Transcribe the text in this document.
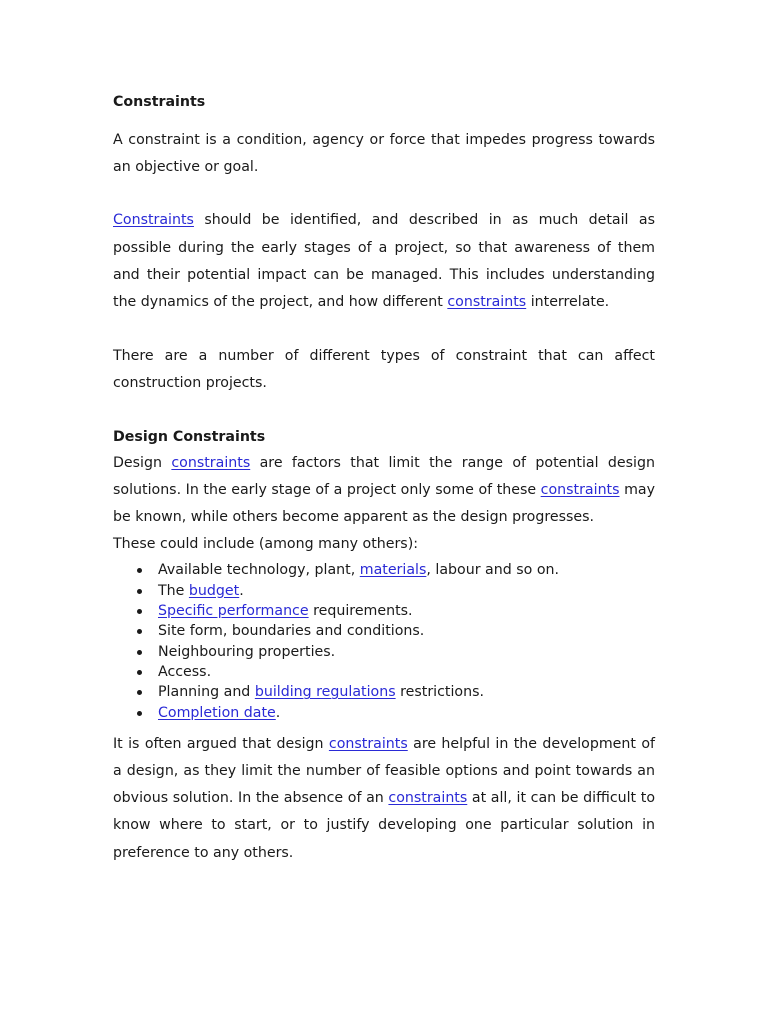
Constraints

A constraint is a condition, agency or force that impedes progress towards an objective or goal.

Constraints should be identified, and described in as much detail as possible during the early stages of a project, so that awareness of them and their potential impact can be managed. This includes understanding the dynamics of the project, and how different constraints interrelate.

There are a number of different types of constraint that can affect construction projects.

Design Constraints

Design constraints are factors that limit the range of potential design solutions. In the early stage of a project only some of these constraints may be known, while others become apparent as the design progresses.

These could include (among many others):

Available technology, plant, materials, labour and so on.
The budget.
Specific performance requirements.
Site form, boundaries and conditions.
Neighbouring properties.
Access.
Planning and building regulations restrictions.
Completion date.

It is often argued that design constraints are helpful in the development of a design, as they limit the number of feasible options and point towards an obvious solution. In the absence of an constraints at all, it can be difficult to know where to start, or to justify developing one particular solution in preference to any others.
